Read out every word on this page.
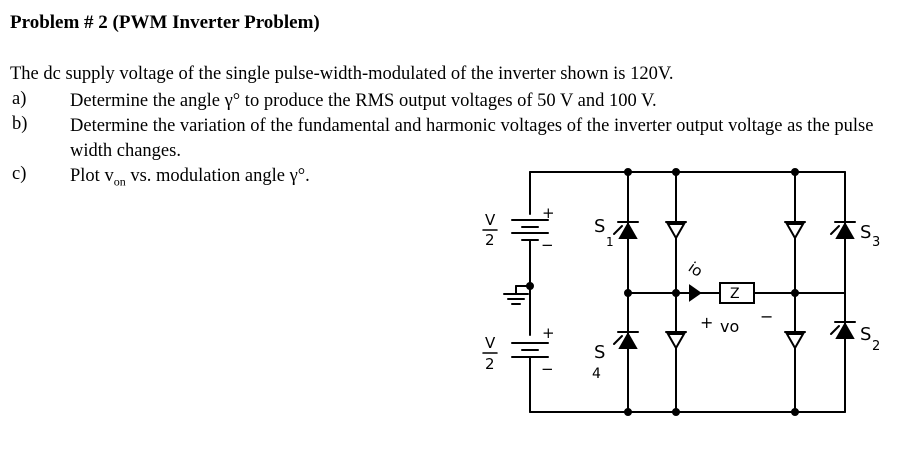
Problem # 2 (PWM Inverter Problem)
The dc supply voltage of the single pulse-width-modulated of the inverter shown is 120V.
a) Determine the angle γ° to produce the RMS output voltages of 50 V and 100 V.
b) Determine the variation of the fundamental and harmonic voltages of the inverter output voltage as the pulse width changes.
c) Plot $v_{on}$ vs. modulation angle γ°.
V
2
V
2
+
−
+
−
S
1
S
4
S 3
S
2
io
Z
+ vo
−
